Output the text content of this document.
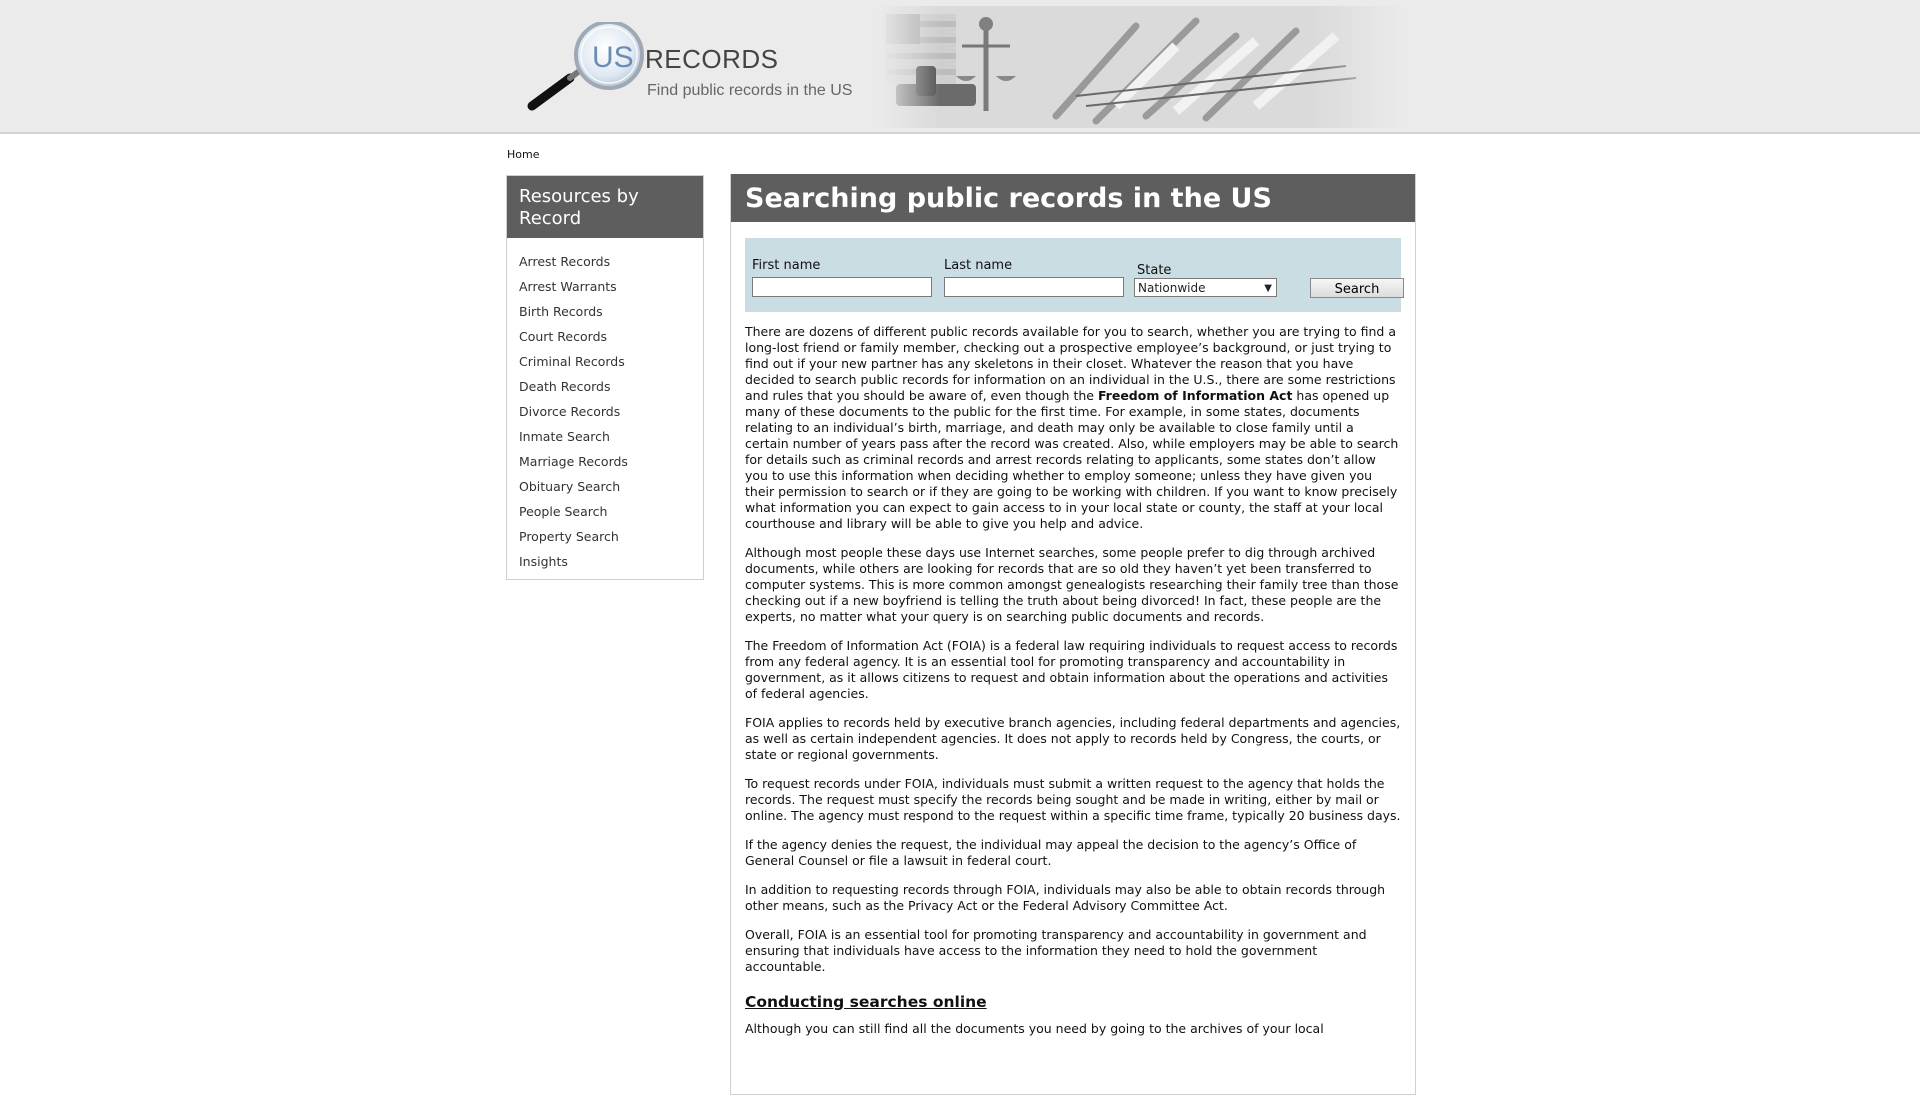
US RECORDS
Find public records in the US
Home
Resources by Record
Arrest Records
Arrest Warrants
Birth Records
Court Records
Criminal Records
Death Records
Divorce Records
Inmate Search
Marriage Records
Obituary Search
People Search
Property Search
Insights
Searching public records in the US
First name	Last name	State
Nationwide	▼	Search

There are dozens of different public records available for you to search, whether you are trying to find a long-lost friend or family member, checking out a prospective employee’s background, or just trying to find out if your new partner has any skeletons in their closet. Whatever the reason that you have decided to search public records for information on an individual in the U.S., there are some restrictions and rules that you should be aware of, even though the Freedom of Information Act has opened up many of these documents to the public for the first time. For example, in some states, documents relating to an individual’s birth, marriage, and death may only be available to close family until a certain number of years pass after the record was created. Also, while employers may be able to search for details such as criminal records and arrest records relating to applicants, some states don’t allow you to use this information when deciding whether to employ someone; unless they have given you their permission to search or if they are going to be working with children. If you want to know precisely what information you can expect to gain access to in your local state or county, the staff at your local courthouse and library will be able to give you help and advice.

Although most people these days use Internet searches, some people prefer to dig through archived documents, while others are looking for records that are so old they haven’t yet been transferred to computer systems. This is more common amongst genealogists researching their family tree than those checking out if a new boyfriend is telling the truth about being divorced! In fact, these people are the experts, no matter what your query is on searching public documents and records.

The Freedom of Information Act (FOIA) is a federal law requiring individuals to request access to records from any federal agency. It is an essential tool for promoting transparency and accountability in government, as it allows citizens to request and obtain information about the operations and activities of federal agencies.

FOIA applies to records held by executive branch agencies, including federal departments and agencies, as well as certain independent agencies. It does not apply to records held by Congress, the courts, or state or regional governments.

To request records under FOIA, individuals must submit a written request to the agency that holds the records. The request must specify the records being sought and be made in writing, either by mail or online. The agency must respond to the request within a specific time frame, typically 20 business days.

If the agency denies the request, the individual may appeal the decision to the agency’s Office of General Counsel or file a lawsuit in federal court.

In addition to requesting records through FOIA, individuals may also be able to obtain records through other means, such as the Privacy Act or the Federal Advisory Committee Act.

Overall, FOIA is an essential tool for promoting transparency and accountability in government and ensuring that individuals have access to the information they need to hold the government accountable.

Conducting searches online

Although you can still find all the documents you need by going to the archives of your local
